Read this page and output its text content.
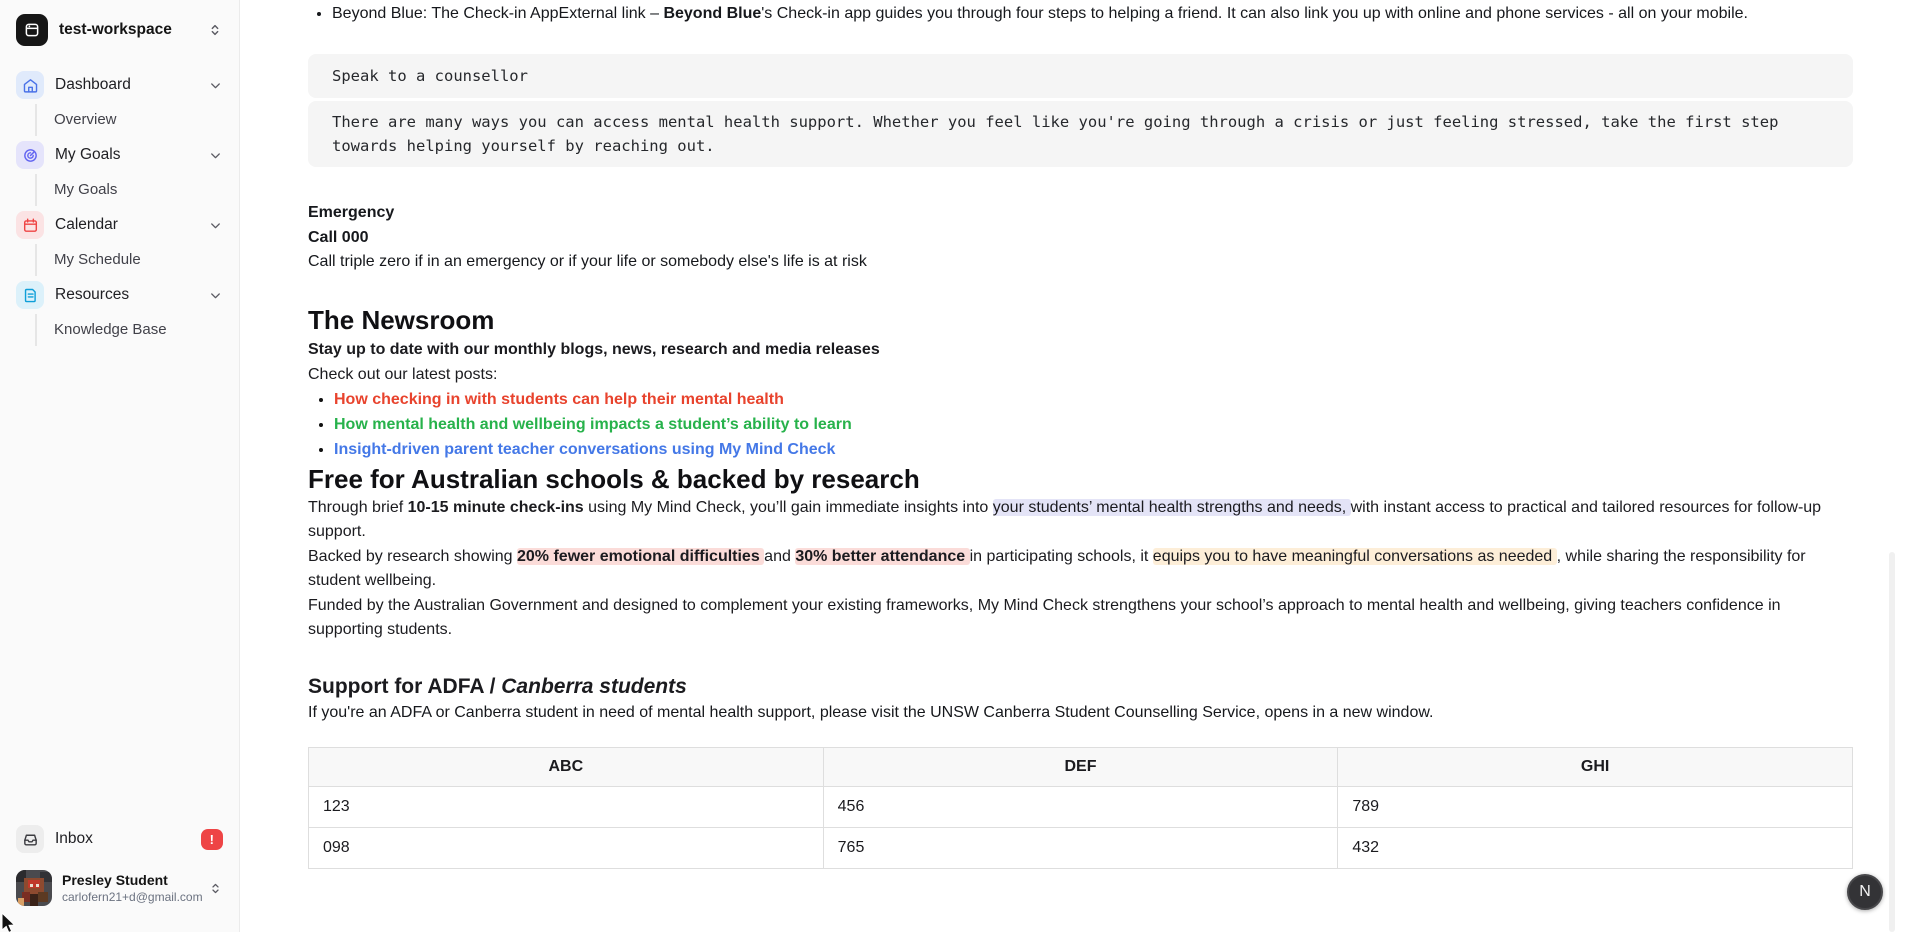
test-workspace
Dashboard
Overview
My Goals
My Goals
Calendar
My Schedule
Resources
Knowledge Base
Inbox	!
Presley Student
carlofern21+d@gmail.com
• Beyond Blue: The Check-in AppExternal link – Beyond Blue's Check-in app guides you through four steps to helping a friend. It can also link you up with online and phone services - all on your mobile.
Speak to a counsellor
There are many ways you can access mental health support. Whether you feel like you're going through a crisis or just feeling stressed, take the first step towards helping yourself by reaching out.
Emergency
Call 000
Call triple zero if in an emergency or if your life or somebody else's life is at risk
The Newsroom
Stay up to date with our monthly blogs, news, research and media releases
Check out our latest posts:
• How checking in with students can help their mental health
• How mental health and wellbeing impacts a student’s ability to learn
• Insight-driven parent teacher conversations using My Mind Check
Free for Australian schools & backed by research

Through brief 10-15 minute check-ins using My Mind Check, you’ll gain immediate insights into your students’ mental health strengths and needs, with instant access to practical and tailored resources for follow-up support.

Backed by research showing 20% fewer emotional difficulties and 30% better attendance in participating schools, it equips you to have meaningful conversations as needed , while sharing the responsibility for student wellbeing.

Funded by the Australian Government and designed to complement your existing frameworks, My Mind Check strengthens your school’s approach to mental health and wellbeing, giving teachers confidence in supporting students.

Support for ADFA / Canberra students
If you're an ADFA or Canberra student in need of mental health support, please visit the UNSW Canberra Student Counselling Service, opens in a new window.
ABC	DEF	GHI
123	456	789
098	765	432
N
